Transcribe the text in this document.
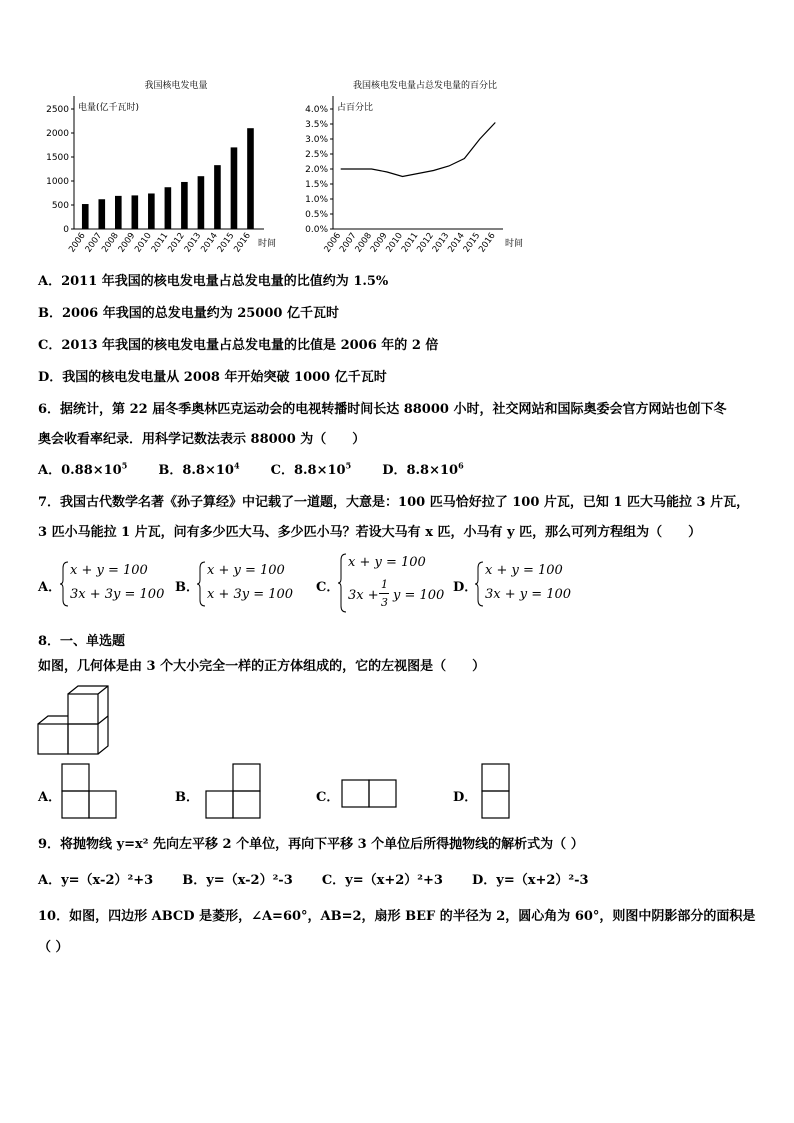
我国核电发电量
电量(亿千瓦时)
0
500
1000
1500
2000
2500
2006
2007
2008
2009
2010
2011
2012
2013
2014
2015
2016 时间
我国核电发电量占总发电量的百分比
占百分比
0.0%
0.5%
1.0%
1.5%
2.0%
2.5%
3.0%
3.5%
4.0%
2006
2007
2008
2009
2010
2011
2012
2013
2014
2015
2016 时间
A．2011 年我国的核电发电量占总发电量的比值约为 1.5%
B．2006 年我国的总发电量约为 25000 亿千瓦时
C．2013 年我国的核电发电量占总发电量的比值是 2006 年的 2 倍
D．我国的核电发电量从 2008 年开始突破 1000 亿千瓦时
6．据统计，第 22 届冬季奥林匹克运动会的电视转播时间长达 88000 小时，社交网站和国际奥委会官方网站也创下冬
奥会收看率纪录．用科学记数法表示 88000 为（　　）
A．$0.88\times 10^5$ B．$8.8\times 10^4$ C．$8.8\times 10^5$ D．$8.8\times 10^6$
7．我国古代数学名著《孙子算经》中记载了一道题，大意是：100 匹马恰好拉了 100 片瓦，已知 1 匹大马能拉 3 片瓦，
3 匹小马能拉 1 片瓦，问有多少匹大马、多少匹小马？若设大马有 x 匹，小马有 y 匹，那么可列方程组为（　　）
A．
x + y = 100
3x + 3y = 100 B．
x + y = 100
x + 3y = 100 C．
x + y = 100
3x +
1
3 y = 100
D．
x + y = 100
3x + y = 100
8．一、单选题
如图，几何体是由 3 个大小完全一样的正方体组成的，它的左视图是（　　）
A．	B．	C．	D．
9．将抛物线 y=x² 先向左平移 2 个单位，再向下平移 3 个单位后所得抛物线的解析式为（ ）
A．y=（x-2）²+3 B．y=（x-2）²-3 C．y=（x+2）²+3 D．y=（x+2）²-3
10．如图，四边形 ABCD 是菱形，∠A=60°，AB=2，扇形 BEF 的半径为 2，圆心角为 60°，则图中阴影部分的面积是
（ ）
